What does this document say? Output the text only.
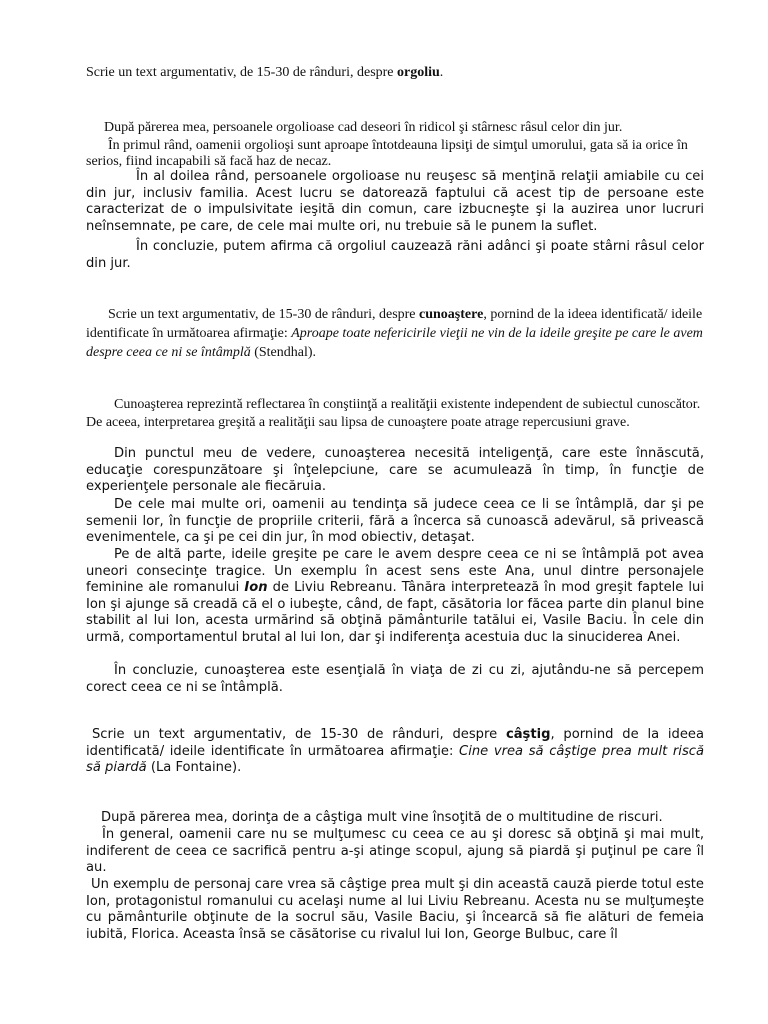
Scrie un text argumentativ, de 15-30 de rânduri, despre orgoliu.

După părerea mea, persoanele orgolioase cad deseori în ridicol şi stârnesc râsul celor din jur.

În primul rând, oamenii orgolioşi sunt aproape întotdeauna lipsiţi de simţul umorului, gata să ia orice în serios, fiind incapabili să facă haz de necaz.

În al doilea rând, persoanele orgolioase nu reuşesc să menţină relaţii amiabile cu cei din jur, inclusiv familia. Acest lucru se datorează faptului că acest tip de persoane este caracterizat de o impulsivitate ieşită din comun, care izbucneşte şi la auzirea unor lucruri neînsemnate, pe care, de cele mai multe ori, nu trebuie să le punem la suflet.

În concluzie, putem afirma că orgoliul cauzează răni adânci şi poate stârni râsul celor din jur.

Scrie un text argumentativ, de 15-30 de rânduri, despre cunoaştere, pornind de la ideea identificată/ ideile identificate în următoarea afirmaţie: Aproape toate nefericirile vieţii ne vin de la ideile greşite pe care le avem despre ceea ce ni se întâmplă (Stendhal).

Cunoaşterea reprezintă reflectarea în conştiinţă a realităţii existente independent de subiectul cunoscător. De aceea, interpretarea greşită a realităţii sau lipsa de cunoaştere poate atrage repercusiuni grave.

Din punctul meu de vedere, cunoaşterea necesită inteligenţă, care este înnăscută, educaţie corespunzătoare şi înţelepciune, care se acumulează în timp, în funcţie de experienţele personale ale fiecăruia.

De cele mai multe ori, oamenii au tendinţa să judece ceea ce li se întâmplă, dar şi pe semenii lor, în funcţie de propriile criterii, fără a încerca să cunoască adevărul, să privească evenimentele, ca şi pe cei din jur, în mod obiectiv, detaşat.

Pe de altă parte, ideile greşite pe care le avem despre ceea ce ni se întâmplă pot avea uneori consecinţe tragice. Un exemplu în acest sens este Ana, unul dintre personajele feminine ale romanului Ion de Liviu Rebreanu. Tânăra interpretează în mod greşit faptele lui Ion şi ajunge să creadă că el o iubeşte, când, de fapt, căsătoria lor făcea parte din planul bine stabilit al lui Ion, acesta urmărind să obţină pământurile tatălui ei, Vasile Baciu. În cele din urmă, comportamentul brutal al lui Ion, dar şi indiferenţa acestuia duc la sinuciderea Anei.

În concluzie, cunoaşterea este esenţială în viaţa de zi cu zi, ajutându-ne să percepem corect ceea ce ni se întâmplă.

Scrie un text argumentativ, de 15-30 de rânduri, despre câştig, pornind de la ideea identificată/ ideile identificate în următoarea afirmaţie: Cine vrea să câştige prea mult riscă să piardă (La Fontaine).

După părerea mea, dorinţa de a câştiga mult vine însoţită de o multitudine de riscuri.

În general, oamenii care nu se mulţumesc cu ceea ce au şi doresc să obţină şi mai mult, indiferent de ceea ce sacrifică pentru a-şi atinge scopul, ajung să piardă şi puţinul pe care îl au.

Un exemplu de personaj care vrea să câştige prea mult şi din această cauză pierde totul este Ion, protagonistul romanului cu acelaşi nume al lui Liviu Rebreanu. Acesta nu se mulţumeşte cu pământurile obţinute de la socrul său, Vasile Baciu, şi încearcă să fie alături de femeia iubită, Florica. Aceasta însă se căsătorise cu rivalul lui Ion, George Bulbuc, care îl
